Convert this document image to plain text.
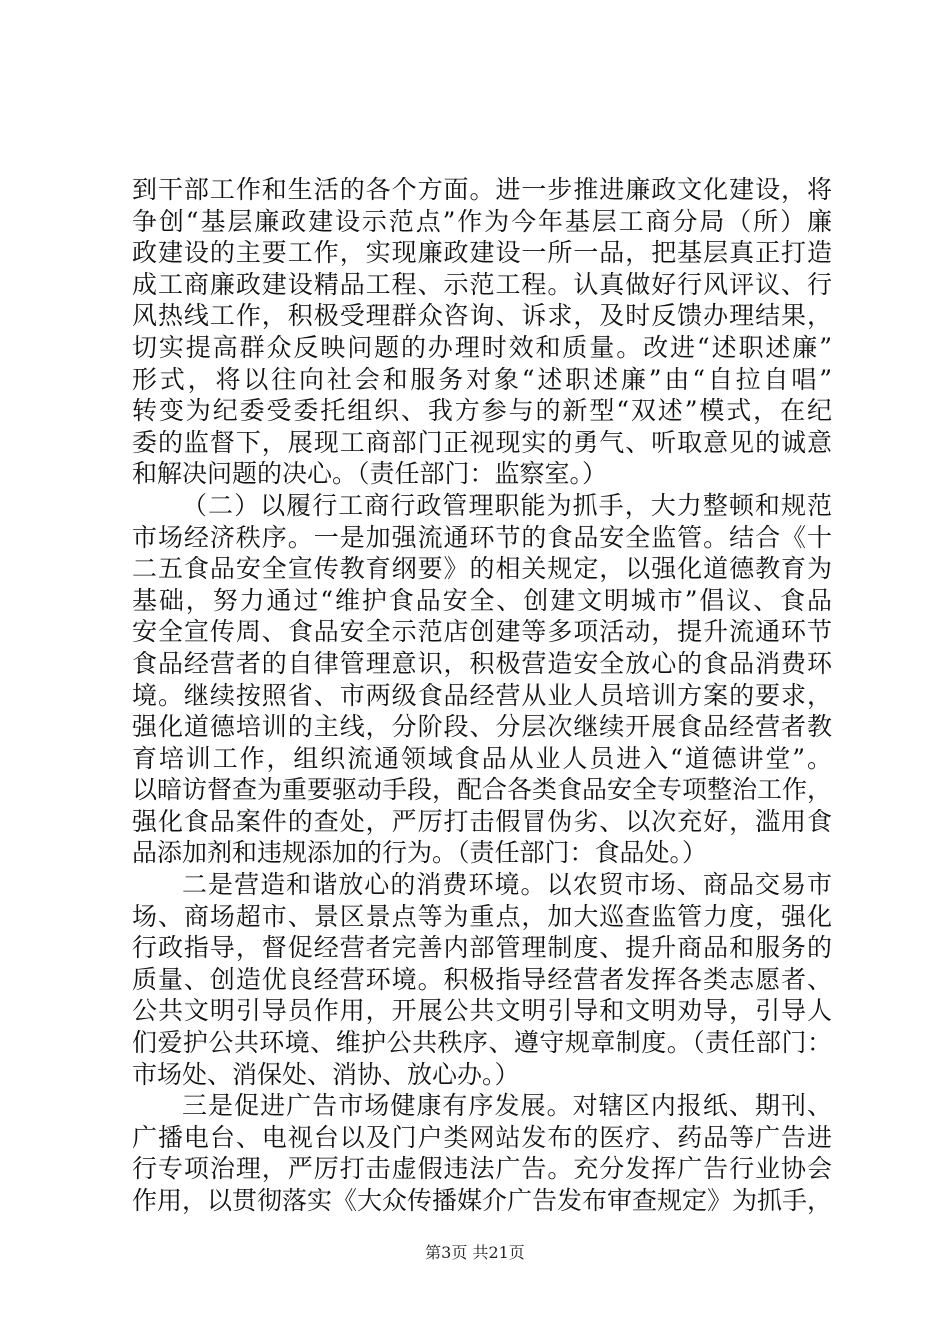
到干部工作和生活的各个方面。进一步推进廉政文化建设，将
争创“基层廉政建设示范点”作为今年基层工商分局（所）廉
政建设的主要工作，实现廉政建设一所一品，把基层真正打造
成工商廉政建设精品工程、示范工程。认真做好行风评议、行
风热线工作，积极受理群众咨询、诉求，及时反馈办理结果，
切实提高群众反映问题的办理时效和质量。改进“述职述廉”
形式，将以往向社会和服务对象“述职述廉”由“自拉自唱”
转变为纪委受委托组织、我方参与的新型“双述”模式，在纪
委的监督下，展现工商部门正视现实的勇气、听取意见的诚意
和解决问题的决心。（责任部门：监察室。）
（二）以履行工商行政管理职能为抓手，大力整顿和规范
市场经济秩序。一是加强流通环节的食品安全监管。结合《十
二五食品安全宣传教育纲要》的相关规定，以强化道德教育为
基础，努力通过“维护食品安全、创建文明城市”倡议、食品
安全宣传周、食品安全示范店创建等多项活动，提升流通环节
食品经营者的自律管理意识，积极营造安全放心的食品消费环
境。继续按照省、市两级食品经营从业人员培训方案的要求，
强化道德培训的主线，分阶段、分层次继续开展食品经营者教
育培训工作，组织流通领域食品从业人员进入“道德讲堂”。
以暗访督查为重要驱动手段，配合各类食品安全专项整治工作，
强化食品案件的查处，严厉打击假冒伪劣、以次充好，滥用食
品添加剂和违规添加的行为。（责任部门：食品处。）
二是营造和谐放心的消费环境。以农贸市场、商品交易市
场、商场超市、景区景点等为重点，加大巡查监管力度，强化
行政指导，督促经营者完善内部管理制度、提升商品和服务的
质量、创造优良经营环境。积极指导经营者发挥各类志愿者、
公共文明引导员作用，开展公共文明引导和文明劝导，引导人
们爱护公共环境、维护公共秩序、遵守规章制度。（责任部门：
市场处、消保处、消协、放心办。）
三是促进广告市场健康有序发展。对辖区内报纸、期刊、
广播电台、电视台以及门户类网站发布的医疗、药品等广告进
行专项治理，严厉打击虚假违法广告。充分发挥广告行业协会
作用，以贯彻落实《大众传播媒介广告发布审查规定》为抓手，
第3页 共21页
